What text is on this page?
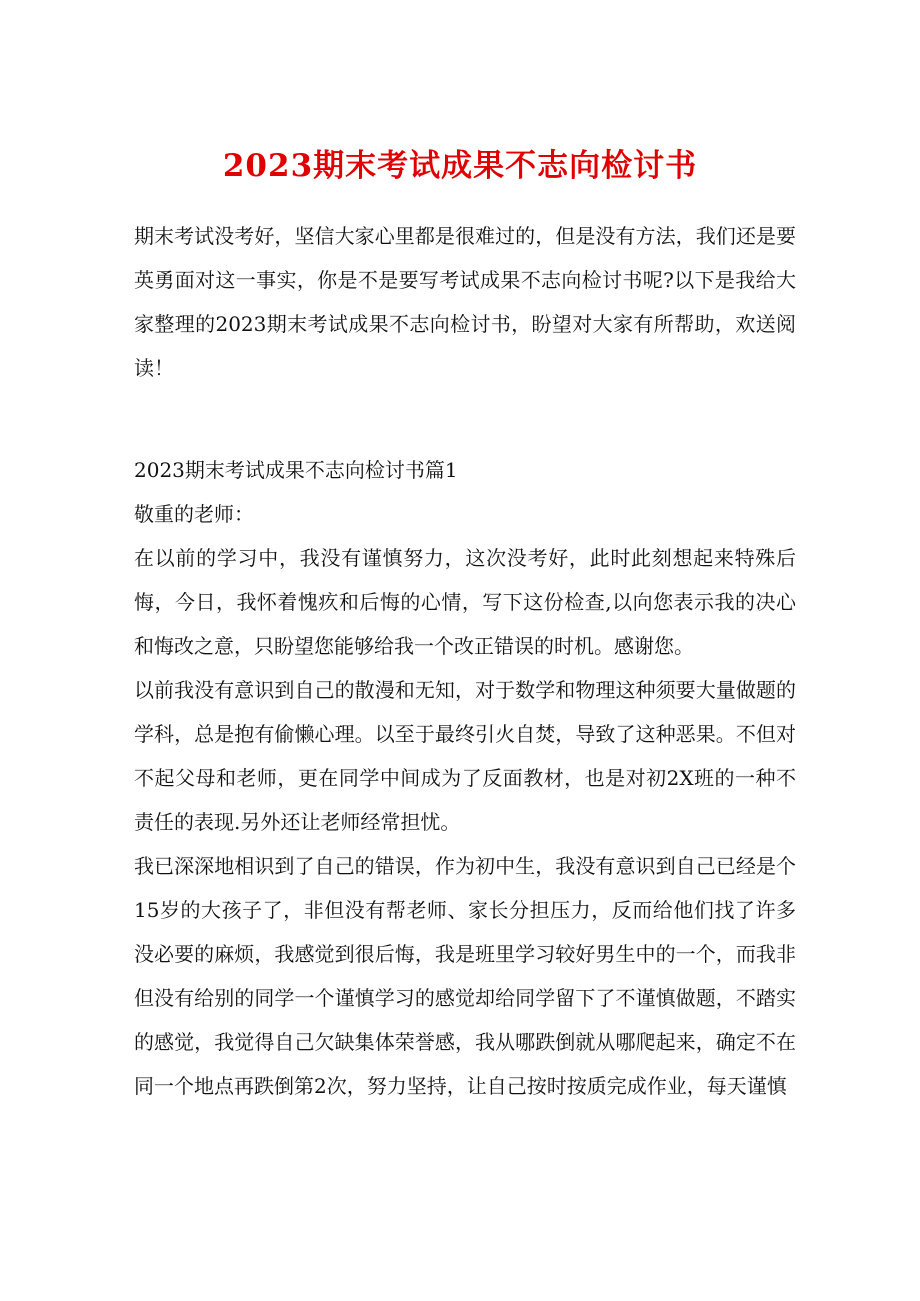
2023期末考试成果不志向检讨书

期末考试没考好，坚信大家心里都是很难过的，但是没有方法，我们还是要英勇面对这一事实，你是不是要写考试成果不志向检讨书呢?以下是我给大家整理的2023期末考试成果不志向检讨书，盼望对大家有所帮助，欢送阅读！

2023期末考试成果不志向检讨书篇1

敬重的老师：

在以前的学习中，我没有谨慎努力，这次没考好，此时此刻想起来特殊后悔，今日，我怀着愧疚和后悔的心情，写下这份检查,以向您表示我的决心和悔改之意，只盼望您能够给我一个改正错误的时机。感谢您。

以前我没有意识到自己的散漫和无知，对于数学和物理这种须要大量做题的学科，总是抱有偷懒心理。以至于最终引火自焚，导致了这种恶果。不但对不起父母和老师，更在同学中间成为了反面教材，也是对初2X班的一种不责任的表现.另外还让老师经常担忧。

我已深深地相识到了自己的错误，作为初中生，我没有意识到自己已经是个15岁的大孩子了，非但没有帮老师、家长分担压力，反而给他们找了许多没必要的麻烦，我感觉到很后悔，我是班里学习较好男生中的一个，而我非但没有给别的同学一个谨慎学习的感觉却给同学留下了不谨慎做题，不踏实的感觉，我觉得自己欠缺集体荣誉感，我从哪跌倒就从哪爬起来，确定不在同一个地点再跌倒第2次，努力坚持，让自己按时按质完成作业，每天谨慎
